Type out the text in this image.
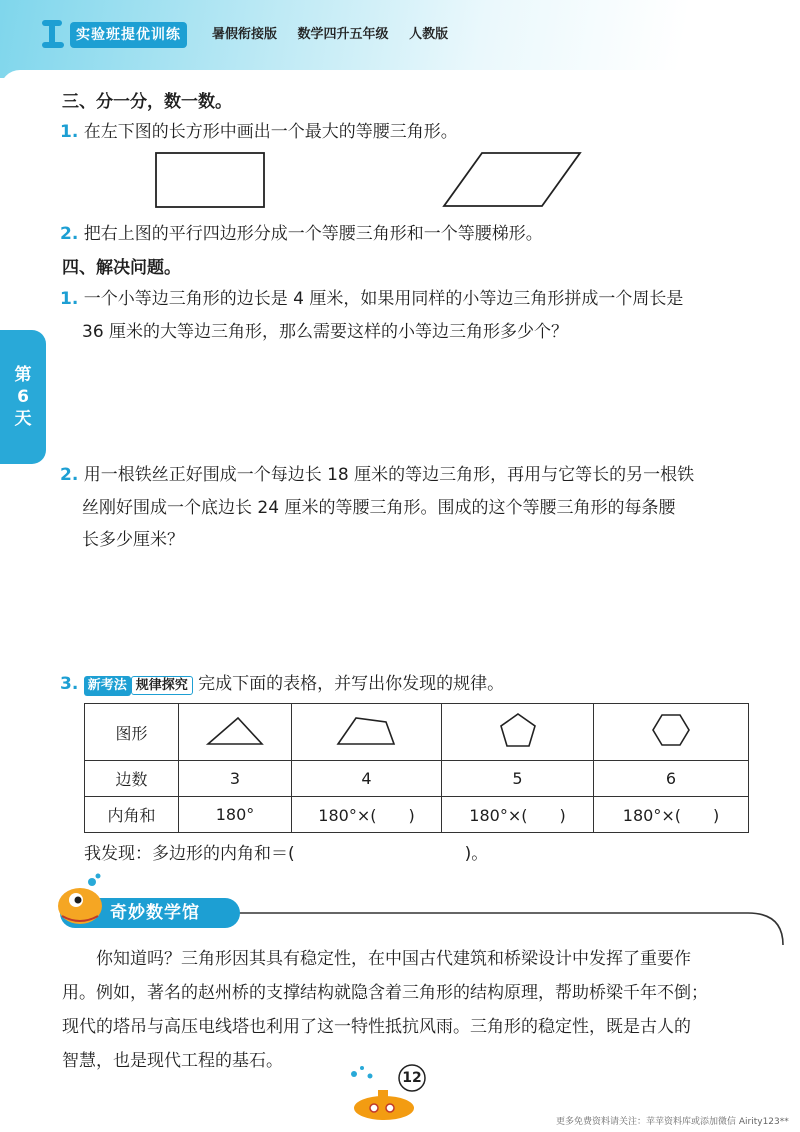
实验班提优训练	暑假衔接版 数学四升五年级 人教版
第
6
天
三、分一分，数一数。
1. 在左下图的长方形中画出一个最大的等腰三角形。
2. 把右上图的平行四边形分成一个等腰三角形和一个等腰梯形。
四、解决问题。
1. 一个小等边三角形的边长是 4 厘米，如果用同样的小等边三角形拼成一个周长是
36 厘米的大等边三角形，那么需要这样的小等边三角形多少个？
2. 用一根铁丝正好围成一个每边长 18 厘米的等边三角形，再用与它等长的另一根铁
丝刚好围成一个底边长 24 厘米的等腰三角形。围成的这个等腰三角形的每条腰
长多少厘米？
3. 新考法 规律探究 完成下面的表格，并写出你发现的规律。
图形				
边数	3	4	5	6
内角和	180°	180°×(　　)	180°×(　　)	180°×(　　)
我发现：多边形的内角和＝(　　　　　　　　　　)。
奇妙数学馆
你知道吗？三角形因其具有稳定性，在中国古代建筑和桥梁设计中发挥了重要作
用。例如，著名的赵州桥的支撑结构就隐含着三角形的结构原理，帮助桥梁千年不倒；
现代的塔吊与高压电线塔也利用了这一特性抵抗风雨。三角形的稳定性，既是古人的
智慧，也是现代工程的基石。
12
更多免费资料请关注：苹苹资料库或添加微信 Airity123**
